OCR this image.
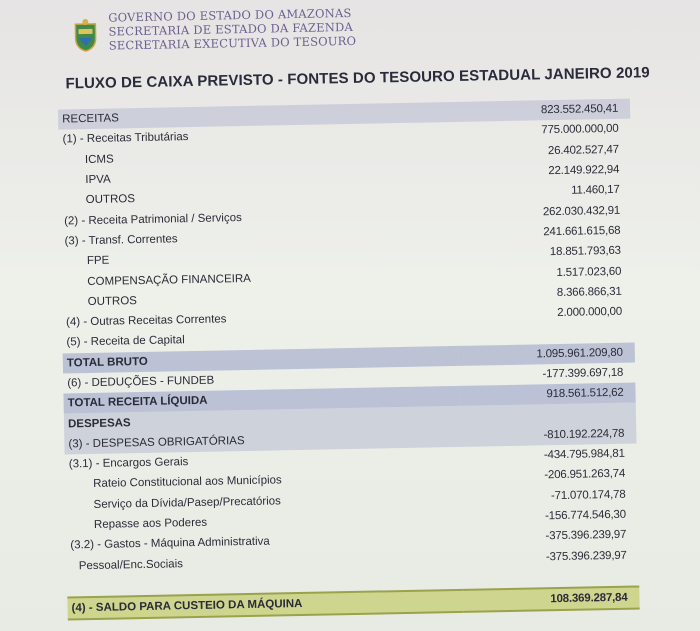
GOVERNO DO ESTADO DO AMAZONAS
SECRETARIA DE ESTADO DA FAZENDA
SECRETARIA EXECUTIVA DO TESOURO
FLUXO DE CAIXA PREVISTO - FONTES DO TESOURO ESTADUAL JANEIRO 2019
RECEITAS	823.552.450,41
(1) - Receitas Tributárias	775.000.000,00
ICMS	26.402.527,47
IPVA	22.149.922,94
OUTROS	11.460,17
(2) - Receita Patrimonial / Serviços	262.030.432,91
(3) - Transf. Correntes	241.661.615,68
FPE	18.851.793,63
COMPENSAÇÃO FINANCEIRA	1.517.023,60
OUTROS	8.366.866,31
(4) - Outras Receitas Correntes	2.000.000,00
(5) - Receita de Capital	
TOTAL BRUTO	1.095.961.209,80
(6) - DEDUÇÕES - FUNDEB	-177.399.697,18
TOTAL RECEITA LÍQUIDA	918.561.512,62
DESPESAS	
(3) - DESPESAS OBRIGATÓRIAS	-810.192.224,78
(3.1) - Encargos Gerais	-434.795.984,81
Rateio Constitucional aos Municípios	-206.951.263,74
Serviço da Dívida/Pasep/Precatórios	-71.070.174,78
Repasse aos Poderes	-156.774.546,30
(3.2) - Gastos - Máquina Administrativa	-375.396.239,97
Pessoal/Enc.Sociais	-375.396.239,97

(4) - SALDO PARA CUSTEIO DA MÁQUINA	108.369.287,84
